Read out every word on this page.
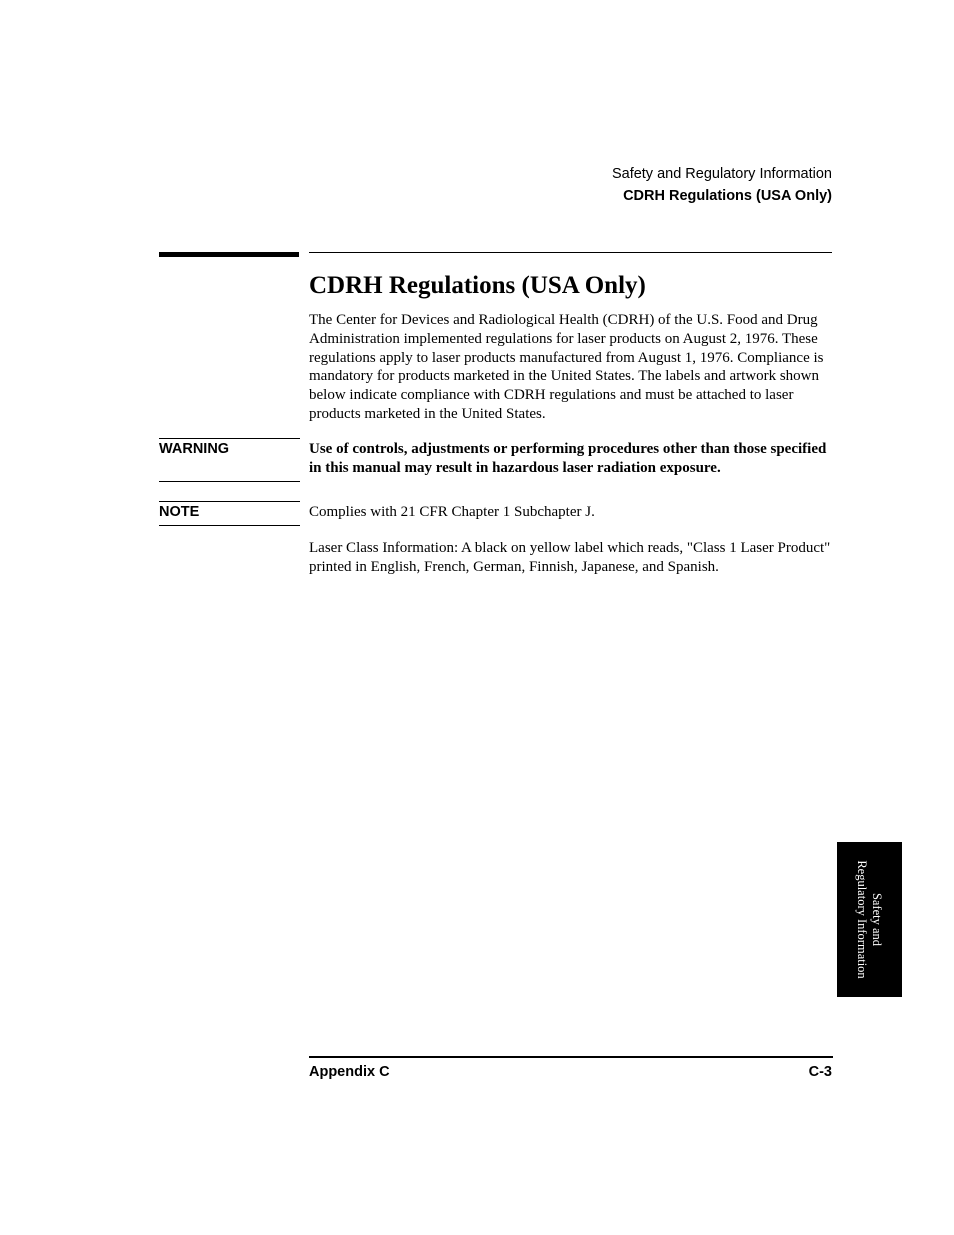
Safety and Regulatory Information
CDRH Regulations (USA Only)
CDRH Regulations (USA Only)

The Center for Devices and Radiological Health (CDRH) of the U.S. Food and Drug Administration implemented regulations for laser products on August 2, 1976. These regulations apply to laser products manufactured from August 1, 1976. Compliance is mandatory for products marketed in the United States. The labels and artwork shown below indicate compliance with CDRH regulations and must be attached to laser products marketed in the United States.

WARNING	Use of controls, adjustments or performing procedures other than those specified in this manual may result in hazardous laser radiation exposure.

NOTE	Complies with 21 CFR Chapter 1 Subchapter J.

Laser Class Information: A black on yellow label which reads, "Class 1 Laser Product" printed in English, French, German, Finnish, Japanese, and Spanish.

Safety and
Regulatory Information
Appendix C	C-3
